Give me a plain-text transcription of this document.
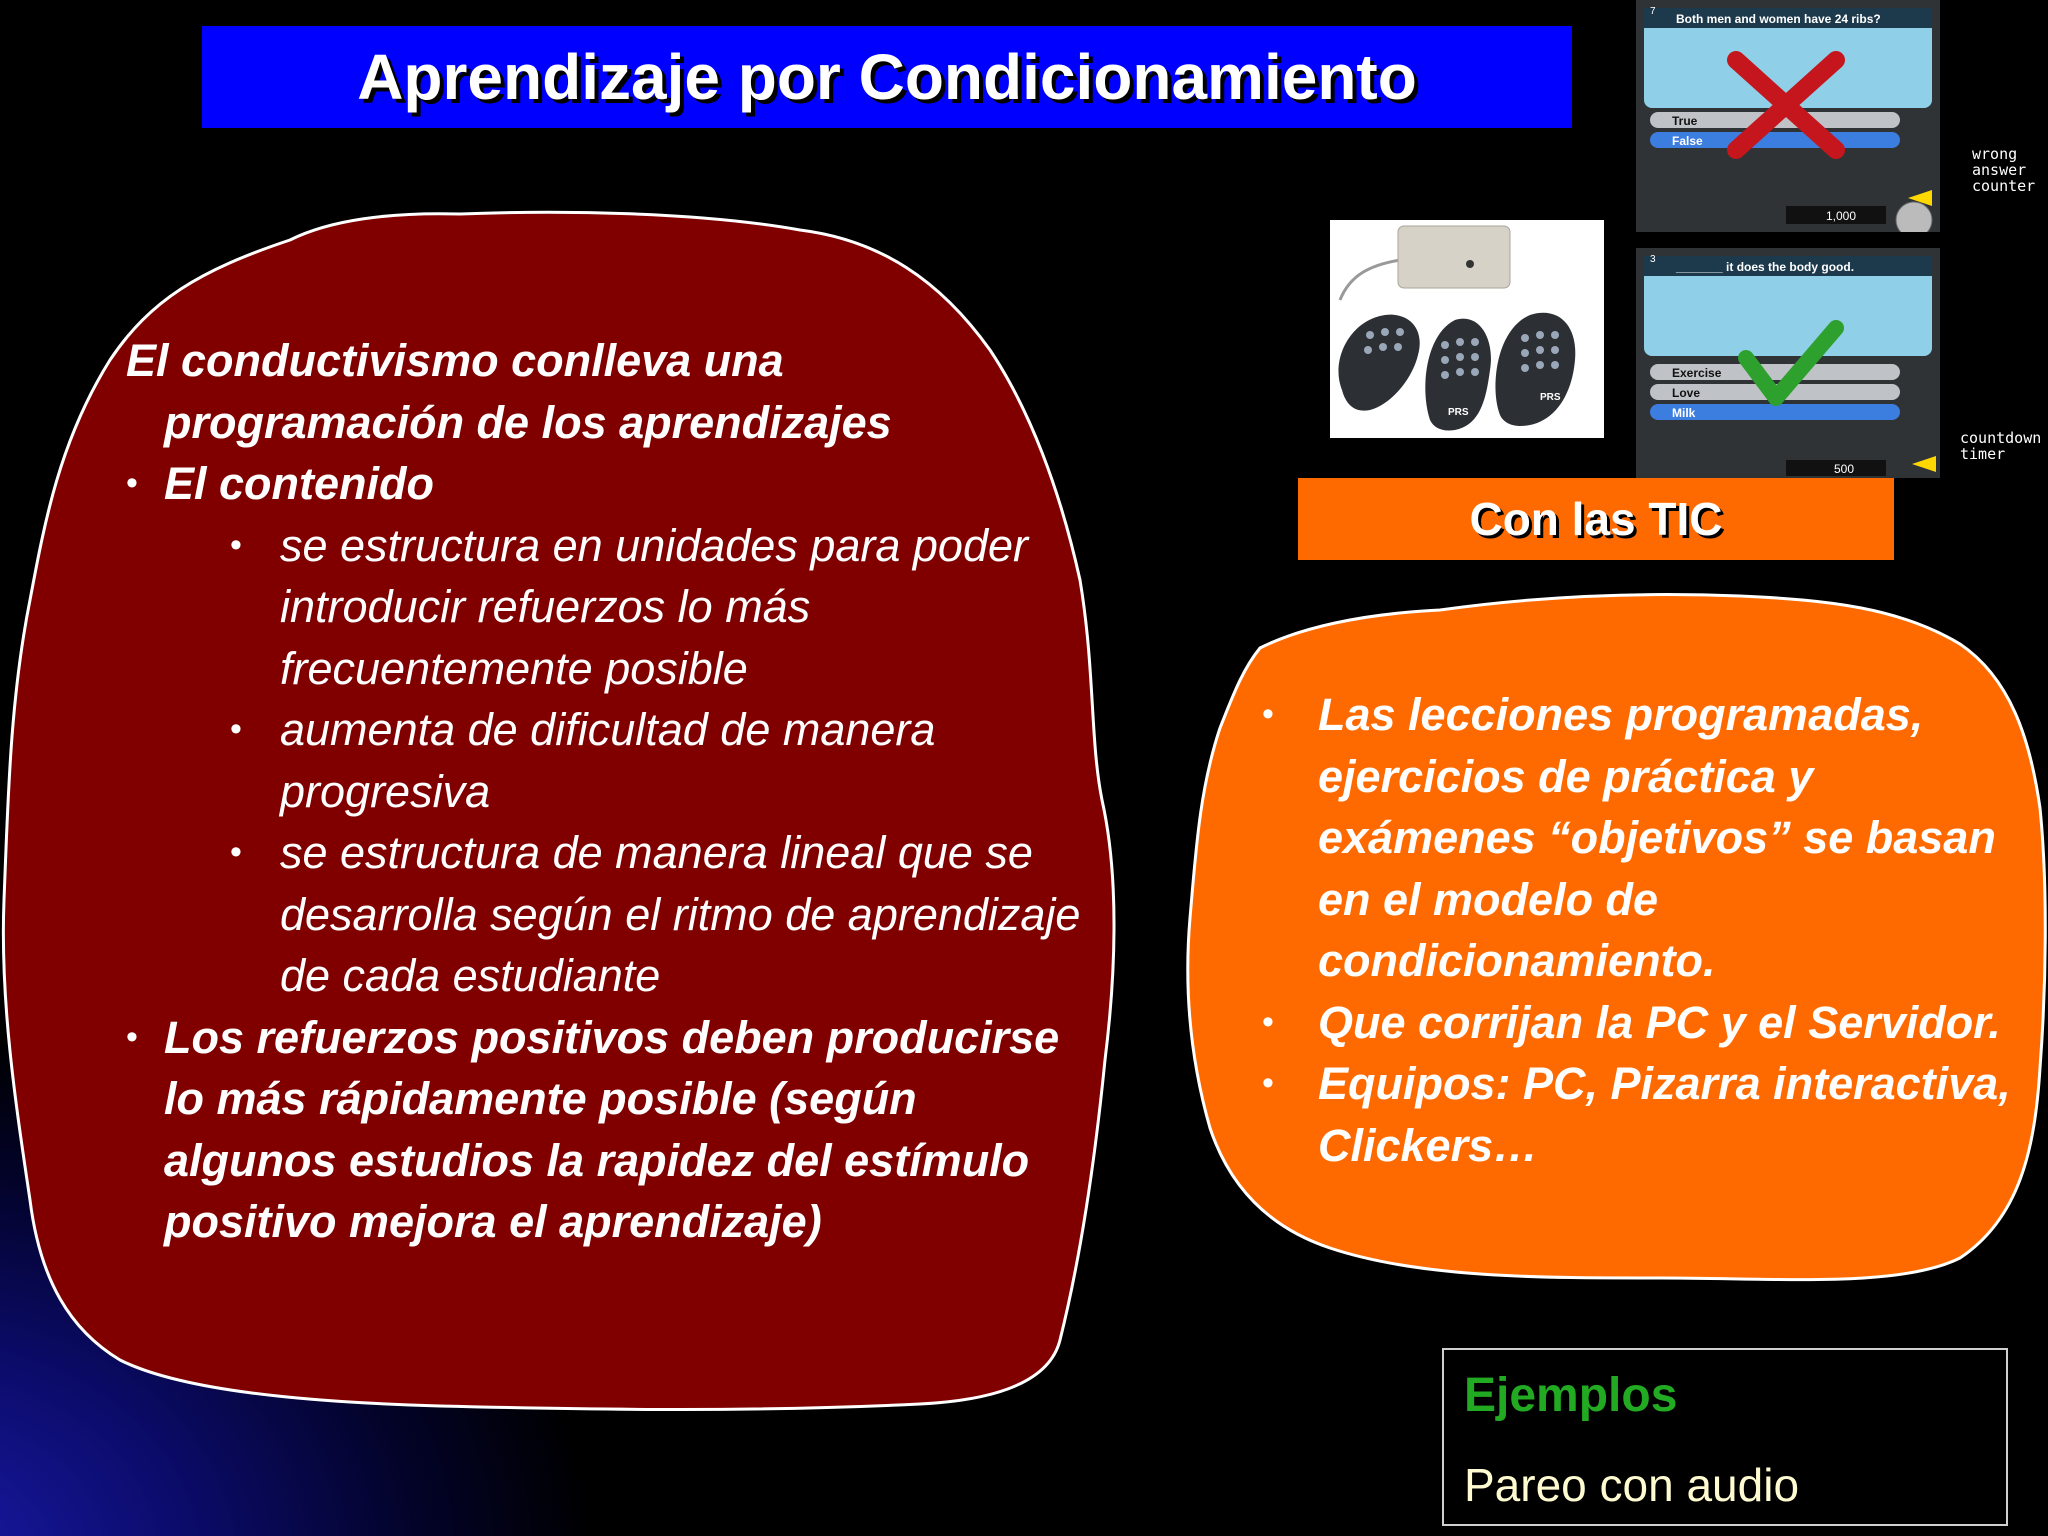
Aprendizaje por Condicionamiento
El conductivismo conlleva una programación de los aprendizajes
• El contenido
• se estructura en unidades para poder introducir refuerzos lo más frecuentemente posible
• aumenta de dificultad de manera progresiva
• se estructura de manera lineal que se desarrolla según el ritmo de aprendizaje de cada estudiante
• Los refuerzos positivos deben producirse lo más rápidamente posible (según algunos estudios la rapidez del estímulo positivo mejora el aprendizaje)
PRS
PRS
Both men and women have 24 ribs?
7
True
False
1,000
wrong answer counter
_______ it does the body good.
3
Exercise
Love
Milk
500
countdown timer
Con las TIC
• Las lecciones programadas, ejercicios de práctica y exámenes “objetivos” se basan en el modelo de condicionamiento.
• Que corrijan la PC y el Servidor.
• Equipos: PC, Pizarra interactiva, Clickers…
Ejemplos
Pareo con audio
